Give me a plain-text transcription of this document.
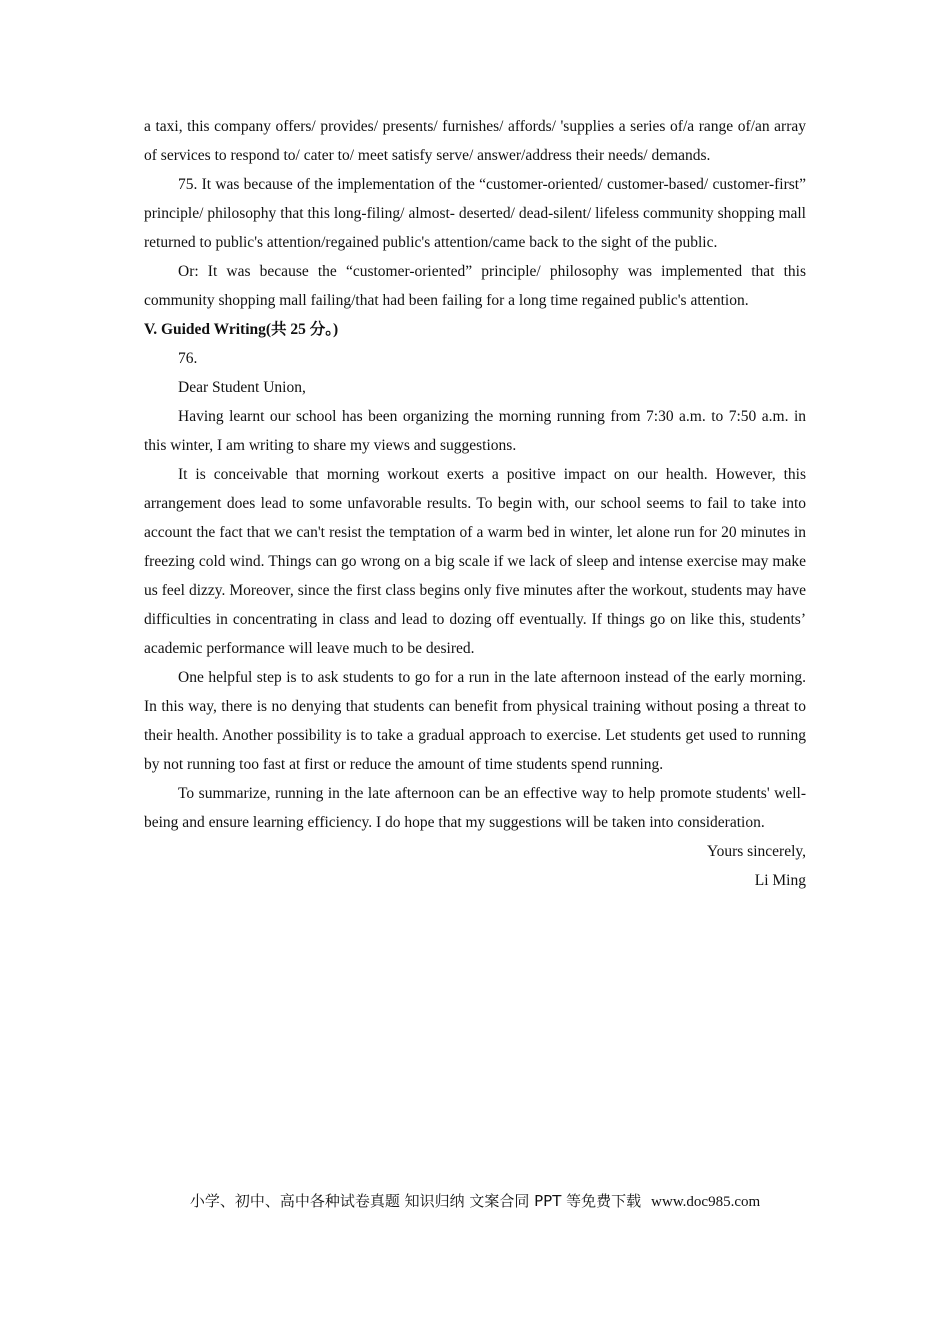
a taxi, this company offers/ provides/ presents/ furnishes/ affords/ 'supplies a series of/a range of/an array of services to respond to/ cater to/ meet satisfy serve/ answer/address their needs/ demands.

75. It was because of the implementation of the “customer-oriented/ customer-based/ customer-first” principle/ philosophy that this long-filing/ almost- deserted/ dead-silent/ lifeless community shopping mall returned to public's attention/regained public's attention/came back to the sight of the public.

Or: It was because the “customer-oriented” principle/ philosophy was implemented that this community shopping mall failing/that had been failing for a long time regained public's attention.

V. Guided Writing(共 25 分。)

76.

Dear Student Union,

Having learnt our school has been organizing the morning running from 7:30 a.m. to 7:50 a.m. in this winter, I am writing to share my views and suggestions.

It is conceivable that morning workout exerts a positive impact on our health. However, this arrangement does lead to some unfavorable results. To begin with, our school seems to fail to take into account the fact that we can't resist the temptation of a warm bed in winter, let alone run for 20 minutes in freezing cold wind. Things can go wrong on a big scale if we lack of sleep and intense exercise may make us feel dizzy. Moreover, since the first class begins only five minutes after the workout, students may have difficulties in concentrating in class and lead to dozing off eventually. If things go on like this, students’ academic performance will leave much to be desired.

One helpful step is to ask students to go for a run in the late afternoon instead of the early morning. In this way, there is no denying that students can benefit from physical training without posing a threat to their health. Another possibility is to take a gradual approach to exercise. Let students get used to running by not running too fast at first or reduce the amount of time students spend running.

To summarize, running in the late afternoon can be an effective way to help promote students' well-being and ensure learning efficiency. I do hope that my suggestions will be taken into consideration.

Yours sincerely,

Li Ming

小学、初中、高中各种试卷真题 知识归纳 文案合同 PPT 等免费下载 www.doc985.com
